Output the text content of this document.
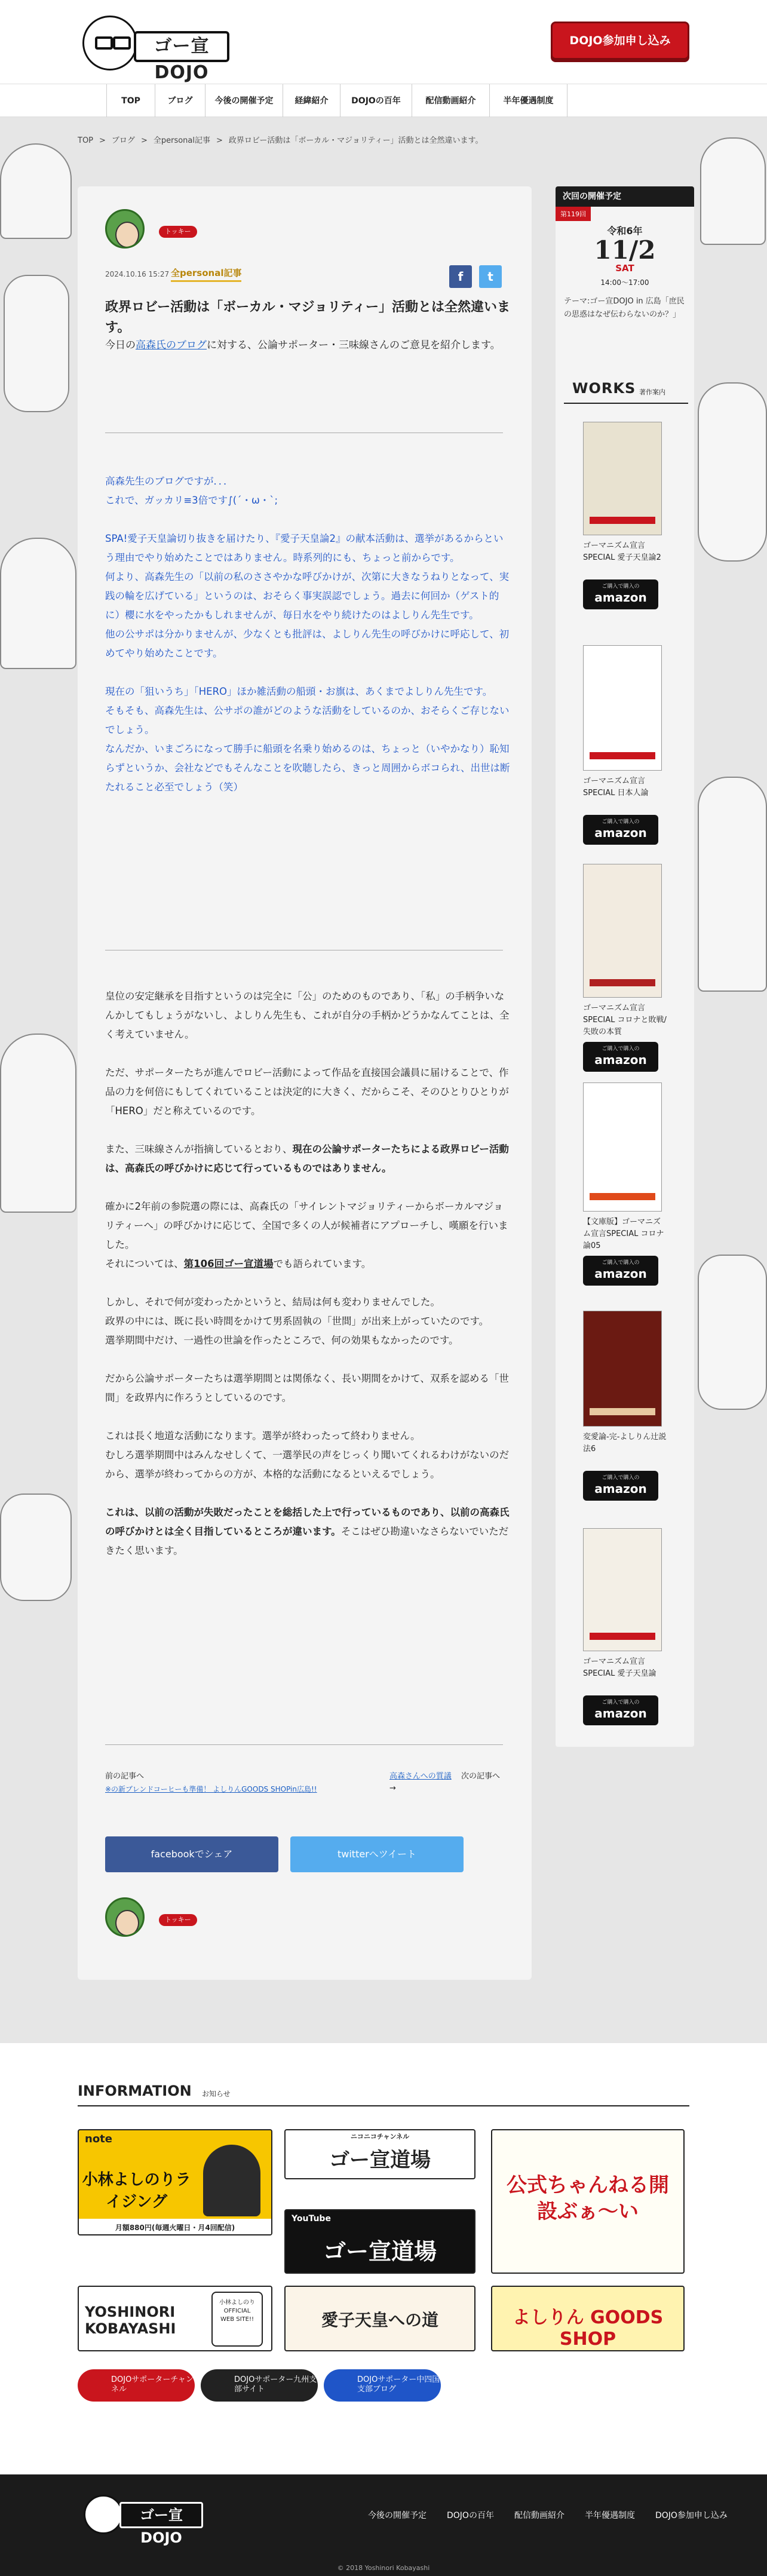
ゴー宣DOJO
DOJO参加申し込み
TOP	ブログ	今後の開催予定	経緯紹介	DOJOの百年	配信動画紹介	半年優遇制度
TOP > ブログ > 全personal記事 > 政界ロビー活動は「ボーカル・マジョリティー」活動とは全然違います。
トッキー
2024.10.16 15:27 全personal記事	f	t
政界ロビー活動は「ボーカル・マジョリティー」活動とは全然違います。
今日の高森氏のブログに対する、公論サポーター・三味線さんのご意見を紹介します。

高森先生のブログですが．．．
これで、ガッカリ≡3倍です∫(´・ω・`;

SPA!愛子天皇論切り抜きを届けたり、『愛子天皇論2』の献本活動は、選挙があるからという理由でやり始めたことではありません。時系列的にも、ちょっと前からです。
何より、高森先生の「以前の私のささやかな呼びかけが、次第に大きなうねりとなって、実践の輪を広げている」というのは、おそらく事実誤認でしょう。過去に何回か（ゲスト的に）櫻に水をやったかもしれませんが、毎日水をやり続けたのはよしりん先生です。
他の公サポは分かりませんが、少なくとも批評は、よしりん先生の呼びかけに呼応して、初めてやり始めたことです。

現在の「狙いうち」「HERO」ほか雑活動の船頭・お旗は、あくまでよしりん先生です。
そもそも、高森先生は、公サポの誰がどのような活動をしているのか、おそらくご存じないでしょう。
なんだか、いまごろになって勝手に船頭を名乗り始めるのは、ちょっと（いやかなり）恥知らずというか、会社などでもそんなことを吹聴したら、きっと周囲からボコられ、出世は断たれること必至でしょう（笑）

皇位の安定継承を目指すというのは完全に「公」のためのものであり、「私」の手柄争いなんかしてもしょうがないし、よしりん先生も、これが自分の手柄かどうかなんてことは、全く考えていません。

ただ、サポーターたちが進んでロビー活動によって作品を直接国会議員に届けることで、作品の力を何倍にもしてくれていることは決定的に大きく、だからこそ、そのひとりひとりが「HERO」だと称えているのです。

また、三味線さんが指摘しているとおり、現在の公論サポーターたちによる政界ロビー活動は、高森氏の呼びかけに応じて行っているものではありません。

確かに2年前の参院選の際には、高森氏の「サイレントマジョリティーからボーカルマジョリティーへ」の呼びかけに応じて、全国で多くの人が候補者にアプローチし、嘆願を行いました。
それについては、第106回ゴー宣道場でも語られています。

しかし、それで何が変わったかというと、結局は何も変わりませんでした。
政界の中には、既に長い時間をかけて男系固執の「世間」が出来上がっていたのです。
選挙期間中だけ、一過性の世論を作ったところで、何の効果もなかったのです。

だから公論サポーターたちは選挙期間とは関係なく、長い期間をかけて、双系を認める「世間」を政界内に作ろうとしているのです。

これは長く地道な活動になります。選挙が終わったって終わりません。
むしろ選挙期間中はみんなせしくて、一選挙民の声をじっくり聞いてくれるわけがないのだから、選挙が終わってからの方が、本格的な活動になるといえるでしょう。

これは、以前の活動が失敗だったことを総括した上で行っているものであり、以前の高森氏の呼びかけとは全く目指しているところが違います。そこはぜひ勘違いなさらないでいただきたく思います。

前の記事へ
※の新ブレンドコーヒーも準備！ よしりんGOODS SHOPin広島!!
高森さんへの質議 次の記事へ
→
facebookでシェア	twitterへツイート
トッキー
次回の開催予定
第119回
令和6年
11/2
SAT
14:00〜17:00
テーマ:ゴー宣DOJO in 広島「庶民の思惑はなぜ伝わらないのか？」
WORKS 著作案内
INFORMATION お知らせ
note
小林よしのりライジング
月額880円(毎週火曜日・月4回配信)
ニコニコチャンネル
ゴー宣道場
YouTube
ゴー宣道場
公式ちゃんねる開設ぶぁ〜い
YOSHINORI KOBAYASHI
小林よしのり OFFICIAL WEB SITE!!	愛子天皇への道	よしりん GOODS SHOP
DOJOサポーターチャンネル
DOJOサポーター九州支部サイト
DOJOサポーター中四国支部ブログ
ゴー宣DOJO
今後の開催予定 DOJOの百年 配信動画紹介 半年優遇制度 DOJO参加申し込み
© 2018 Yoshinori Kobayashi
ゴーマニズム宣言SPECIAL 愛子天皇論2
ご購入で購入の
amazon
ゴーマニズム宣言SPECIAL 日本人論
ご購入で購入の
amazon
ゴーマニズム宣言SPECIAL コロナと敗戦/失敗の本質
ご購入で購入の
amazon
【文庫版】ゴーマニズム宣言SPECIAL コロナ論05
ご購入で購入の
amazon
変愛論-完-よしりん辻説法6
ご購入で購入の
amazon
ゴーマニズム宣言SPECIAL 愛子天皇論
ご購入で購入の
amazon
